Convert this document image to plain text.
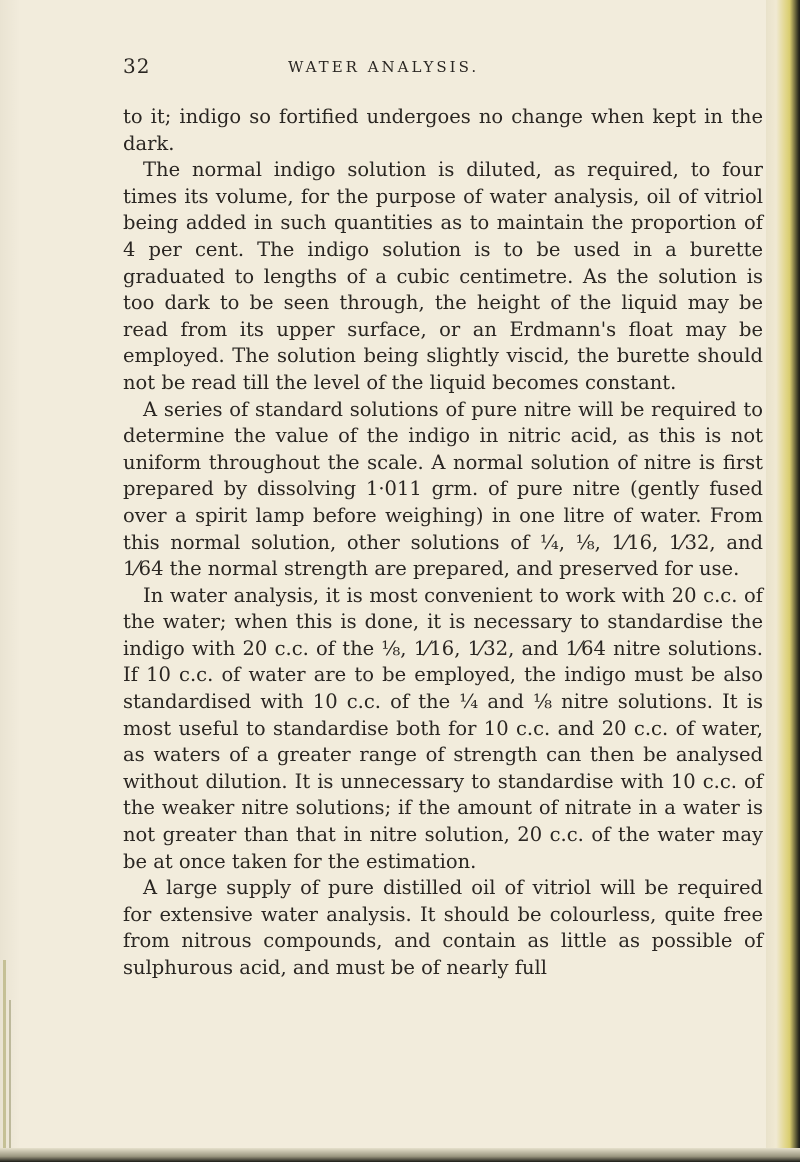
32	WATER ANALYSIS.

to it; indigo so fortified undergoes no change when kept in the dark.

The normal indigo solution is diluted, as required, to four times its volume, for the purpose of water analysis, oil of vitriol being added in such quantities as to maintain the proportion of 4 per cent. The indigo solution is to be used in a burette graduated to lengths of a cubic centimetre. As the solution is too dark to be seen through, the height of the liquid may be read from its upper surface, or an Erdmann's float may be employed. The solution being slightly viscid, the burette should not be read till the level of the liquid becomes constant.

A series of standard solutions of pure nitre will be required to determine the value of the indigo in nitric acid, as this is not uniform throughout the scale. A normal solution of nitre is first prepared by dissolving 1·011 grm. of pure nitre (gently fused over a spirit lamp before weighing) in one litre of water. From this normal solution, other solutions of ¼, ⅛, 1⁄16, 1⁄32, and 1⁄64 the normal strength are prepared, and preserved for use.

In water analysis, it is most convenient to work with 20 c.c. of the water; when this is done, it is necessary to standardise the indigo with 20 c.c. of the ⅛, 1⁄16, 1⁄32, and 1⁄64 nitre solutions. If 10 c.c. of water are to be employed, the indigo must be also standardised with 10 c.c. of the ¼ and ⅛ nitre solutions. It is most useful to standardise both for 10 c.c. and 20 c.c. of water, as waters of a greater range of strength can then be analysed without dilution. It is unnecessary to standardise with 10 c.c. of the weaker nitre solutions; if the amount of nitrate in a water is not greater than that in nitre solution, 20 c.c. of the water may be at once taken for the estimation.

A large supply of pure distilled oil of vitriol will be required for extensive water analysis. It should be colourless, quite free from nitrous compounds, and contain as little as possible of sulphurous acid, and must be of nearly full
